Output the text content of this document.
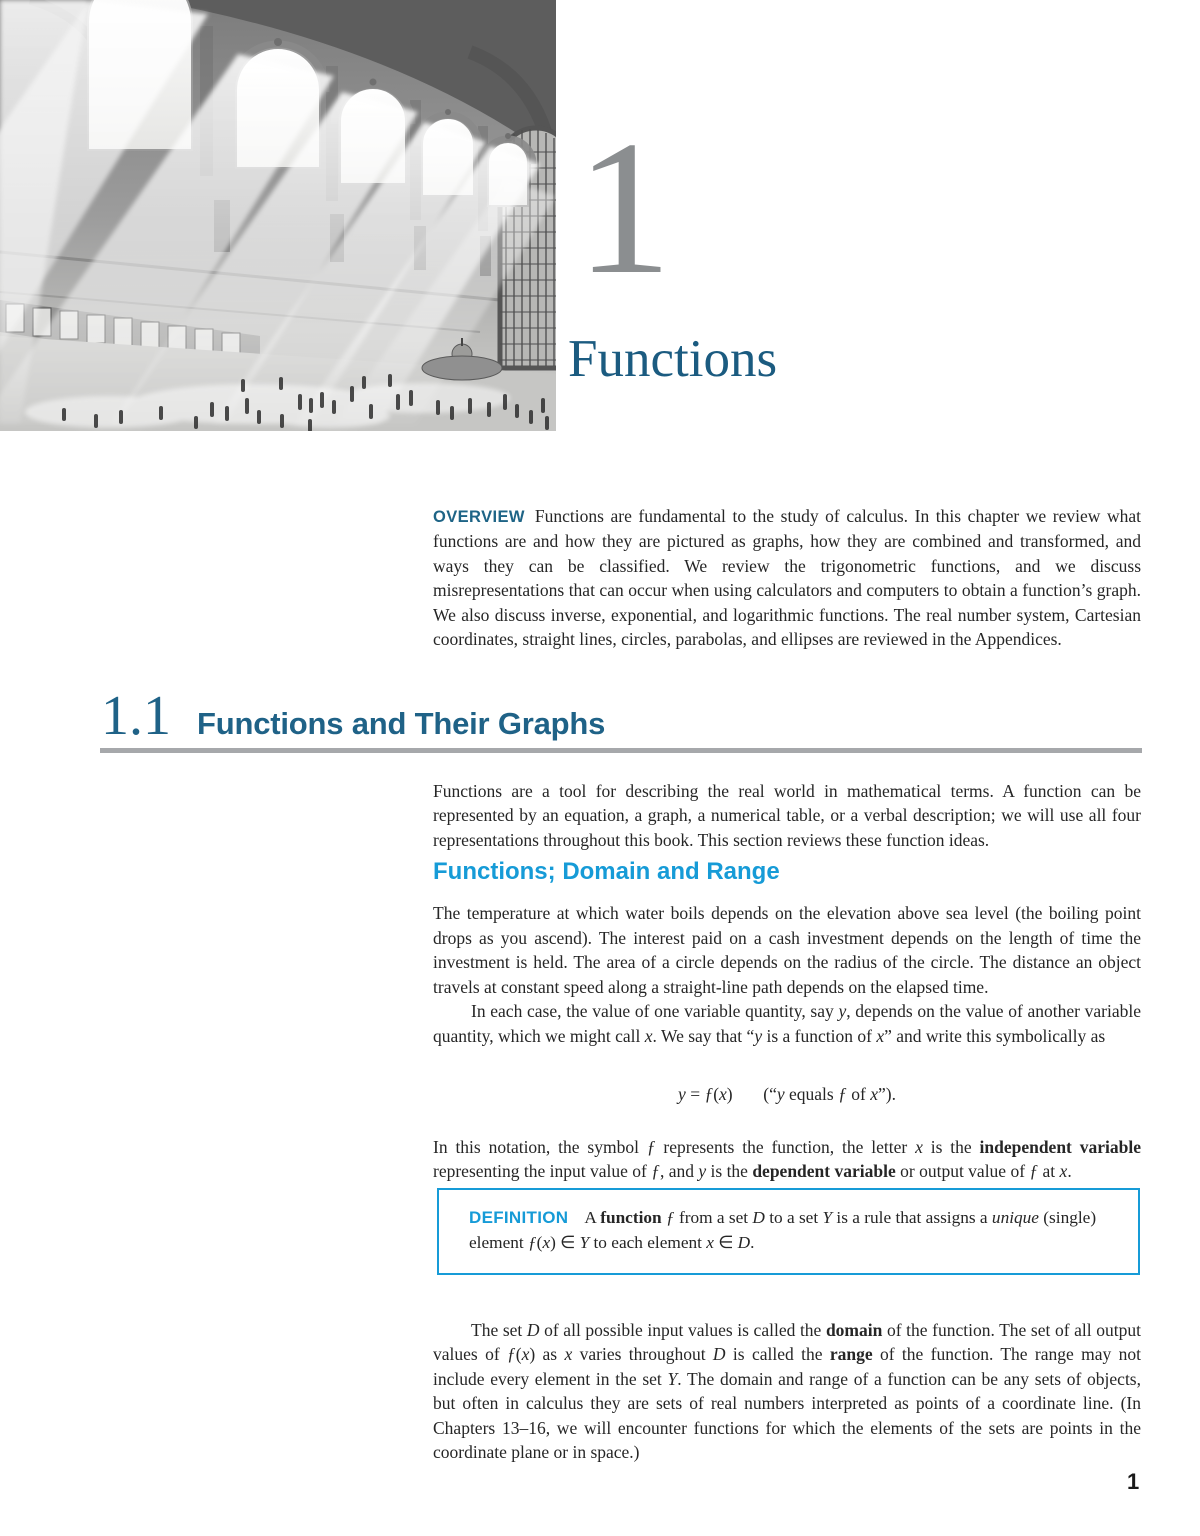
1
Functions

OVERVIEW Functions are fundamental to the study of calculus. In this chapter we review what functions are and how they are pictured as graphs, how they are combined and transformed, and ways they can be classified. We review the trigonometric functions, and we discuss misrepresentations that can occur when using calculators and computers to obtain a function’s graph. We also discuss inverse, exponential, and logarithmic functions. The real number system, Cartesian coordinates, straight lines, circles, parabolas, and ellipses are reviewed in the Appendices.

1.1 Functions and Their Graphs

Functions are a tool for describing the real world in mathematical terms. A function can be represented by an equation, a graph, a numerical table, or a verbal description; we will use all four representations throughout this book. This section reviews these function ideas.

Functions; Domain and Range

The temperature at which water boils depends on the elevation above sea level (the boiling point drops as you ascend). The interest paid on a cash investment depends on the length of time the investment is held. The area of a circle depends on the radius of the circle. The distance an object travels at constant speed along a straight-line path depends on the elapsed time.

In each case, the value of one variable quantity, say y, depends on the value of another variable quantity, which we might call x. We say that “y is a function of x” and write this symbolically as

y = ƒ(x)       (“y equals ƒ of x”).

In this notation, the symbol ƒ represents the function, the letter x is the independent variable representing the input value of ƒ, and y is the dependent variable or output value of ƒ at x.

DEFINITION A function ƒ from a set D to a set Y is a rule that assigns a unique (single) element ƒ(x) ∈ Y to each element x ∈ D.

The set D of all possible input values is called the domain of the function. The set of all output values of ƒ(x) as x varies throughout D is called the range of the function. The range may not include every element in the set Y. The domain and range of a function can be any sets of objects, but often in calculus they are sets of real numbers interpreted as points of a coordinate line. (In Chapters 13–16, we will encounter functions for which the elements of the sets are points in the coordinate plane or in space.)

1
